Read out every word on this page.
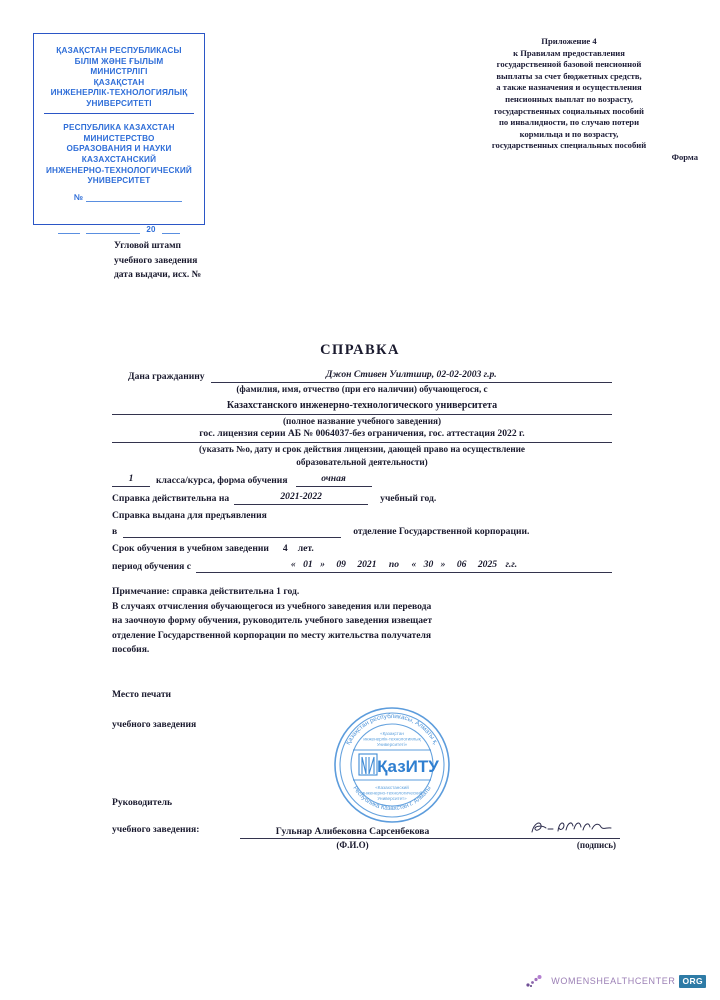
ҚАЗАҚСТАН РЕСПУБЛИКАСЫ
БІЛІМ ЖӘНЕ ҒЫЛЫМ
МИНИСТРЛІГІ
ҚАЗАҚСТАН
ИНЖЕНЕРЛІК-ТЕХНОЛОГИЯЛЫҚ
УНИВЕРСИТЕТІ
РЕСПУБЛИКА КАЗАХСТАН
МИНИСТЕРСТВО
ОБРАЗОВАНИЯ И НАУКИ
КАЗАХСТАНСКИЙ
ИНЖЕНЕРНО-ТЕХНОЛОГИЧЕСКИЙ
УНИВЕРСИТЕТ
№
20
Приложение 4
к Правилам предоставления
государственной базовой пенсионной
выплаты за счет бюджетных средств,
а также назначения и осуществления
пенсионных выплат по возрасту,
государственных социальных пособий
по инвалидности, по случаю потери
кормильца и по возрасту,
государственных специальных пособий
Форма
Угловой штамп
учебного заведения
дата выдачи, исх. №
СПРАВКА
Дана гражданину	Джон Стивен Уилтшир, 02-02-2003 г.р.
(фамилия, имя, отчество (при его наличии) обучающегося, с
Казахстанского инженерно-технологического университета
(полное название учебного заведения)
гос. лицензия серии АБ № 0064037-без ограничения, гос. аттестация 2022 г.
(указать №о, дату и срок действия лицензии, дающей право на осуществление
образовательной деятельности)
1	класса/курса, форма обучения	очная
Справка действительна на	2021-2022	учебный год.
Справка выдана для предъявления
в	отделение Государственной корпорации.
Срок обучения в учебном заведении 4 лет.
период обучения с	« 01 » 09 2021 по « 30 » 06 2025 г.г.
Примечание: справка действительна 1 год.
В случаях отчисления обучающегося из учебного заведения или перевода
на заочноую форму обучения, руководитель учебного заведения извещает
отделение Государственной корпорации по месту жительства получателя
пособия.
Место печати
учебного заведения
Қазақстан республикасы, Алматы қ.
Республика Казахстан г. Алматы
«Қазақстан
инженерлік-технологиялық
Университеті»
«Казахстанский
инженерно-технологический
Университет»
ҚазИТУ
Руководитель
учебного заведения:	Гульнар Алибековна Сарсенбекова
(Ф.И.О)	(подпись)
WOMENSHEALTHCENTER ORG
